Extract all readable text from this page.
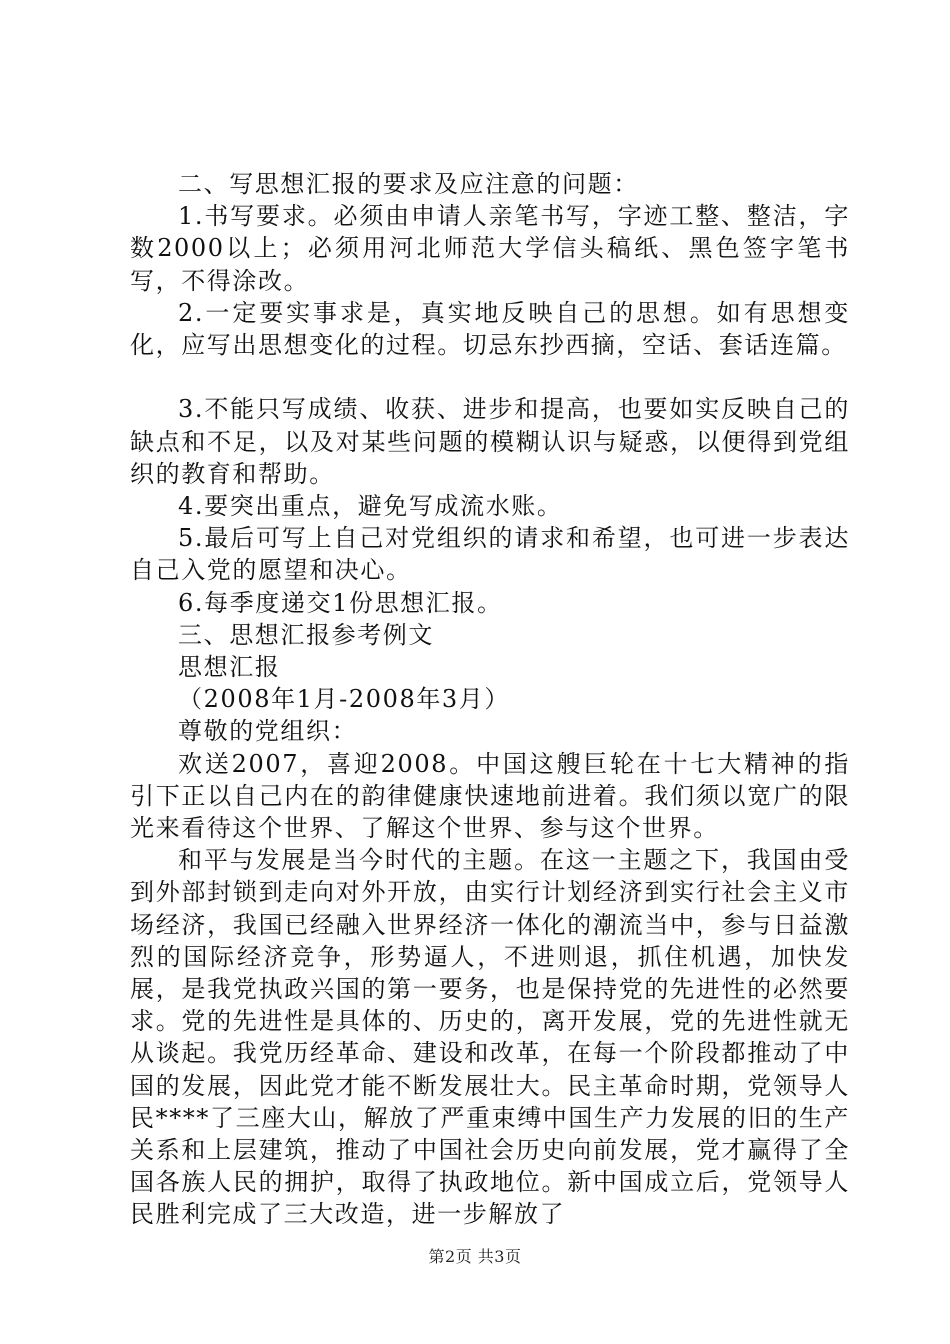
二、写思想汇报的要求及应注意的问题：

1.书写要求。必须由申请人亲笔书写，字迹工整、整洁，字数2000以上；必须用河北师范大学信头稿纸、黑色签字笔书写，不得涂改。

2.一定要实事求是，真实地反映自己的思想。如有思想变化，应写出思想变化的过程。切忌东抄西摘，空话、套话连篇。

3.不能只写成绩、收获、进步和提高，也要如实反映自己的缺点和不足，以及对某些问题的模糊认识与疑惑，以便得到党组织的教育和帮助。

4.要突出重点，避免写成流水账。

5.最后可写上自己对党组织的请求和希望，也可进一步表达自己入党的愿望和决心。

6.每季度递交1份思想汇报。

三、思想汇报参考例文

思想汇报

（2008年1月-2008年3月）

尊敬的党组织：

欢送2007，喜迎2008。中国这艘巨轮在十七大精神的指引下正以自己内在的韵律健康快速地前进着。我们须以宽广的限光来看待这个世界、了解这个世界、参与这个世界。

和平与发展是当今时代的主题。在这一主题之下，我国由受到外部封锁到走向对外开放，由实行计划经济到实行社会主义市场经济，我国已经融入世界经济一体化的潮流当中，参与日益激烈的国际经济竞争，形势逼人，不进则退，抓住机遇，加快发展，是我党执政兴国的第一要务，也是保持党的先进性的必然要求。党的先进性是具体的、历史的，离开发展，党的先进性就无从谈起。我党历经革命、建设和改革，在每一个阶段都推动了中国的发展，因此党才能不断发展壮大。民主革命时期，党领导人民****了三座大山，解放了严重束缚中国生产力发展的旧的生产关系和上层建筑，推动了中国社会历史向前发展，党才赢得了全国各族人民的拥护，取得了执政地位。新中国成立后，党领导人民胜利完成了三大改造，进一步解放了

第2页 共3页
